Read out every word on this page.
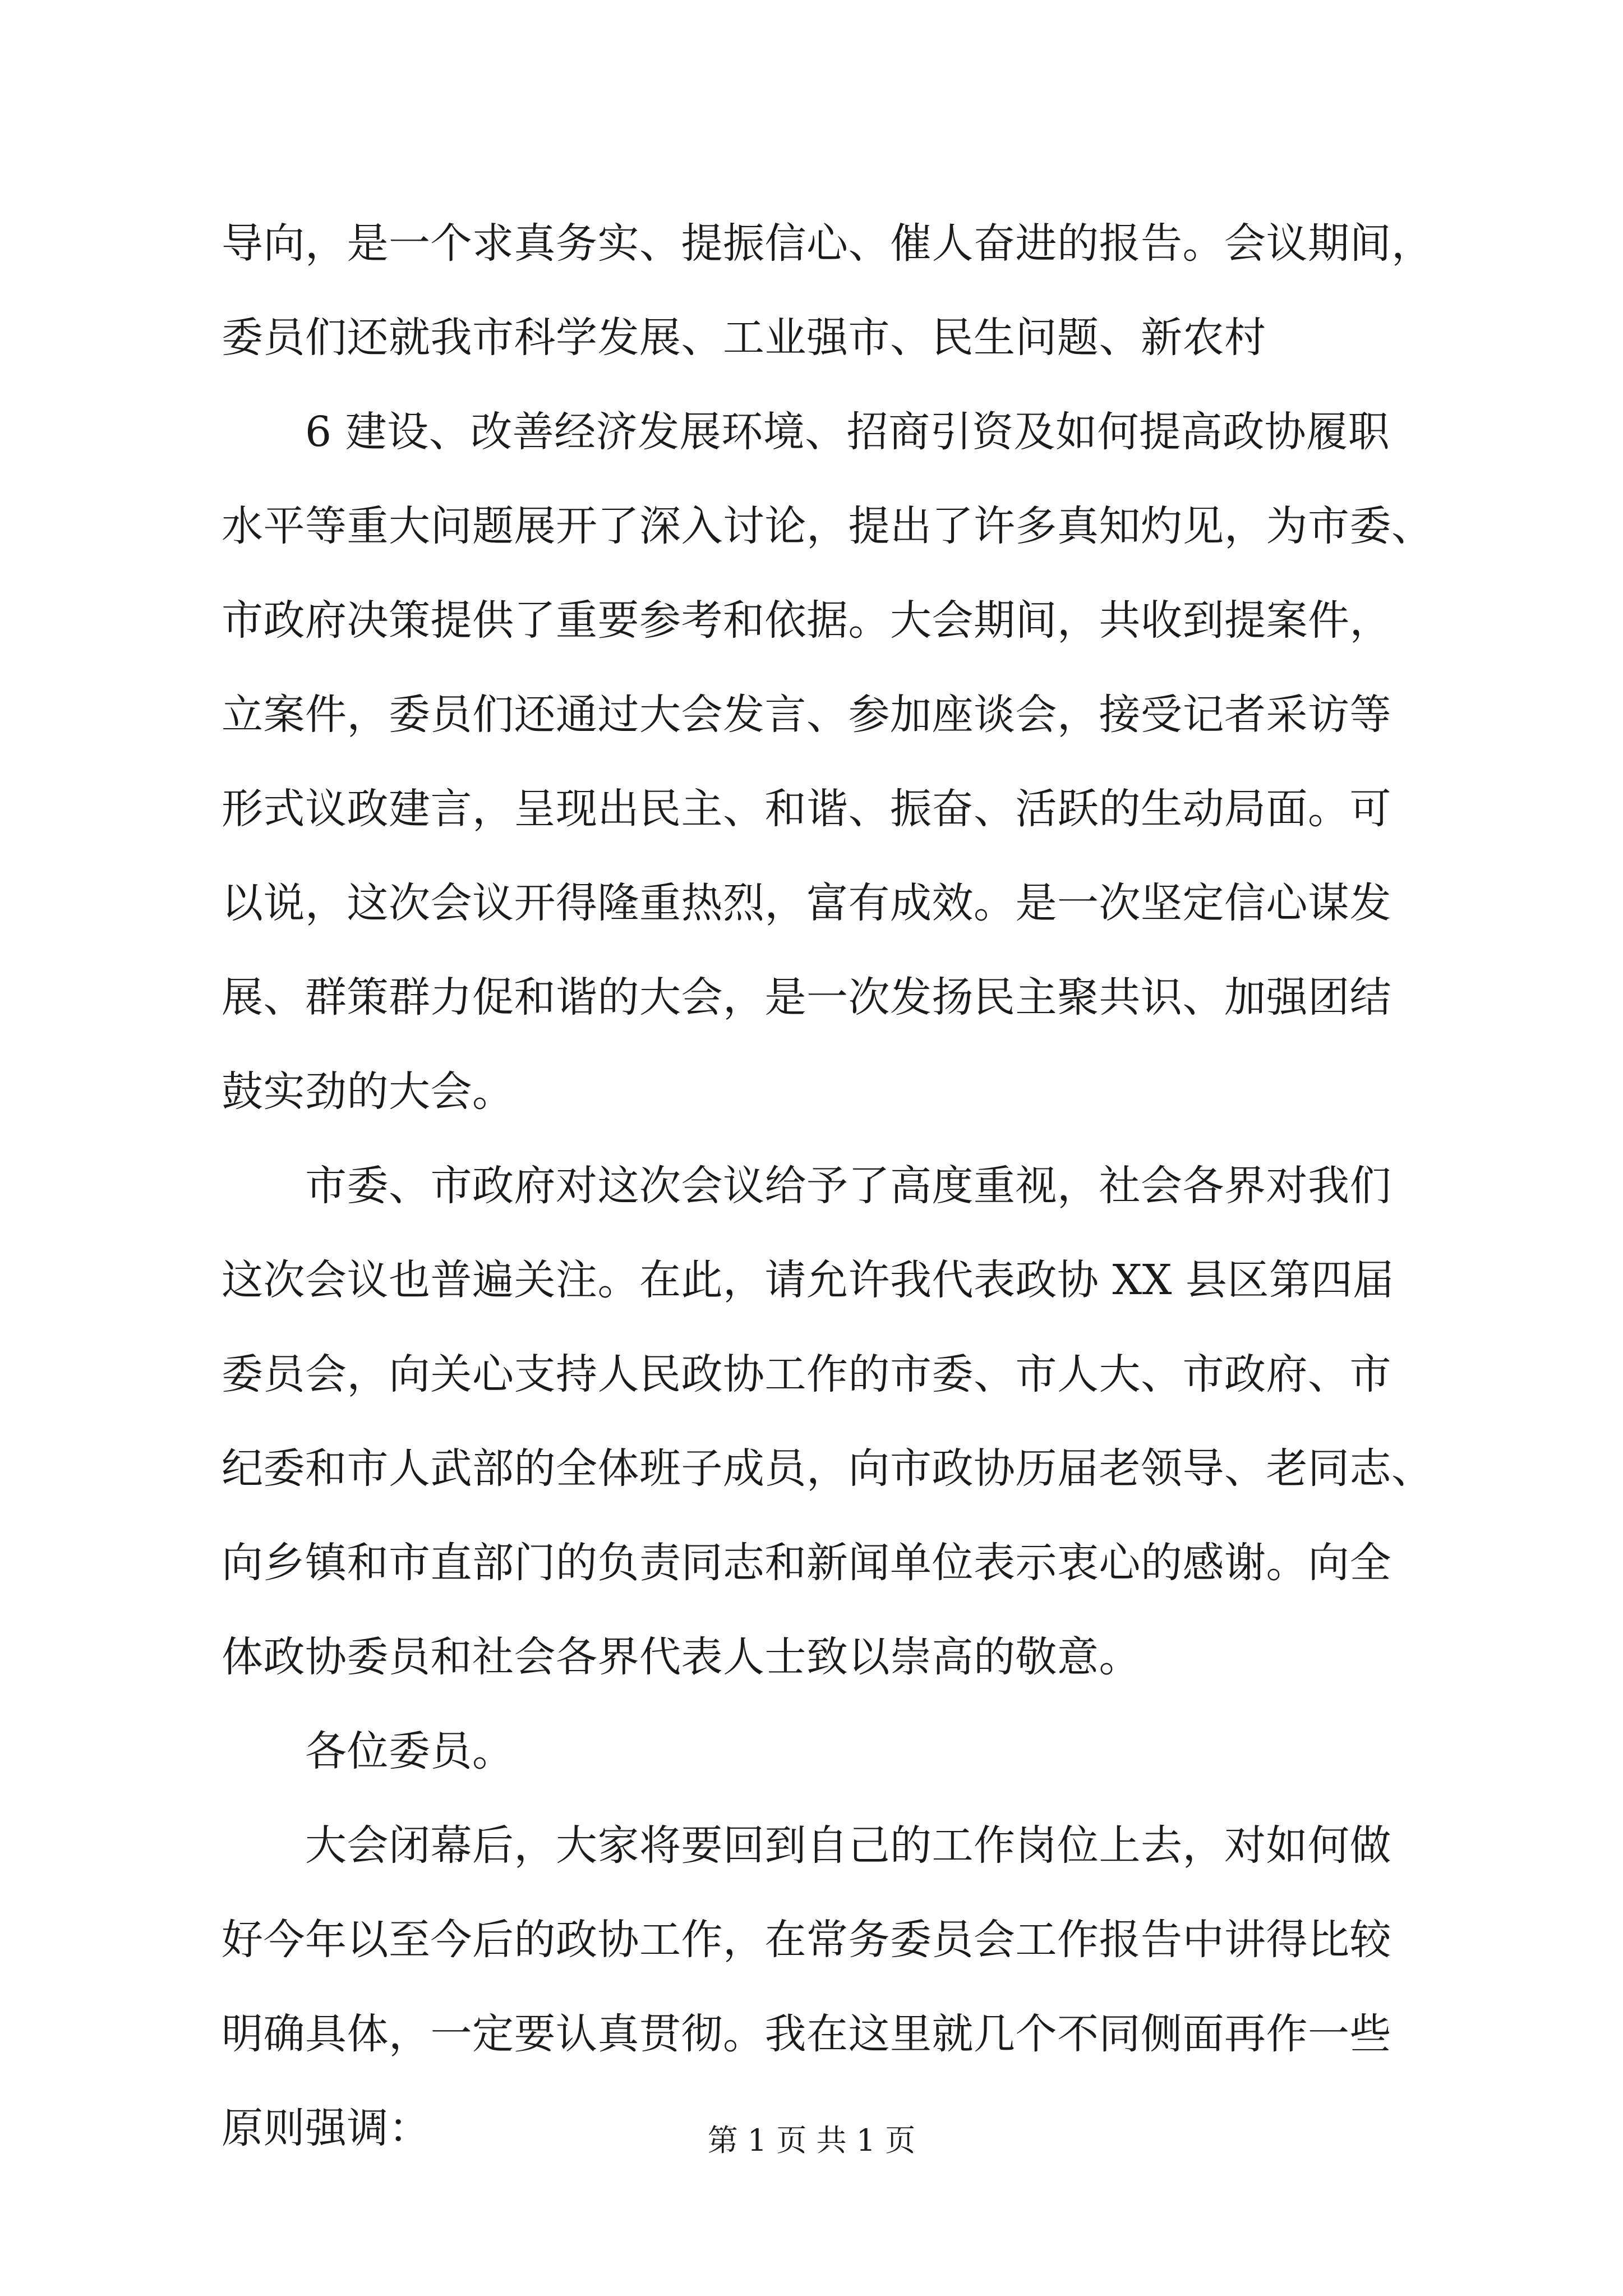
导向，是一个求真务实、提振信心、催人奋进的报告。会议期间，
委员们还就我市科学发展、工业强市、民生问题、新农村
　　6 建设、改善经济发展环境、招商引资及如何提高政协履职
水平等重大问题展开了深入讨论，提出了许多真知灼见，为市委、
市政府决策提供了重要参考和依据。大会期间，共收到提案件，
立案件，委员们还通过大会发言、参加座谈会，接受记者采访等
形式议政建言，呈现出民主、和谐、振奋、活跃的生动局面。可
以说，这次会议开得隆重热烈，富有成效。是一次坚定信心谋发
展、群策群力促和谐的大会，是一次发扬民主聚共识、加强团结
鼓实劲的大会。
　　市委、市政府对这次会议给予了高度重视，社会各界对我们
这次会议也普遍关注。在此，请允许我代表政协 XX 县区第四届
委员会，向关心支持人民政协工作的市委、市人大、市政府、市
纪委和市人武部的全体班子成员，向市政协历届老领导、老同志、
向乡镇和市直部门的负责同志和新闻单位表示衷心的感谢。向全
体政协委员和社会各界代表人士致以崇高的敬意。
　　各位委员。
　　大会闭幕后，大家将要回到自己的工作岗位上去，对如何做
好今年以至今后的政协工作，在常务委员会工作报告中讲得比较
明确具体，一定要认真贯彻。我在这里就几个不同侧面再作一些
原则强调：	第 1 页 共 1 页
